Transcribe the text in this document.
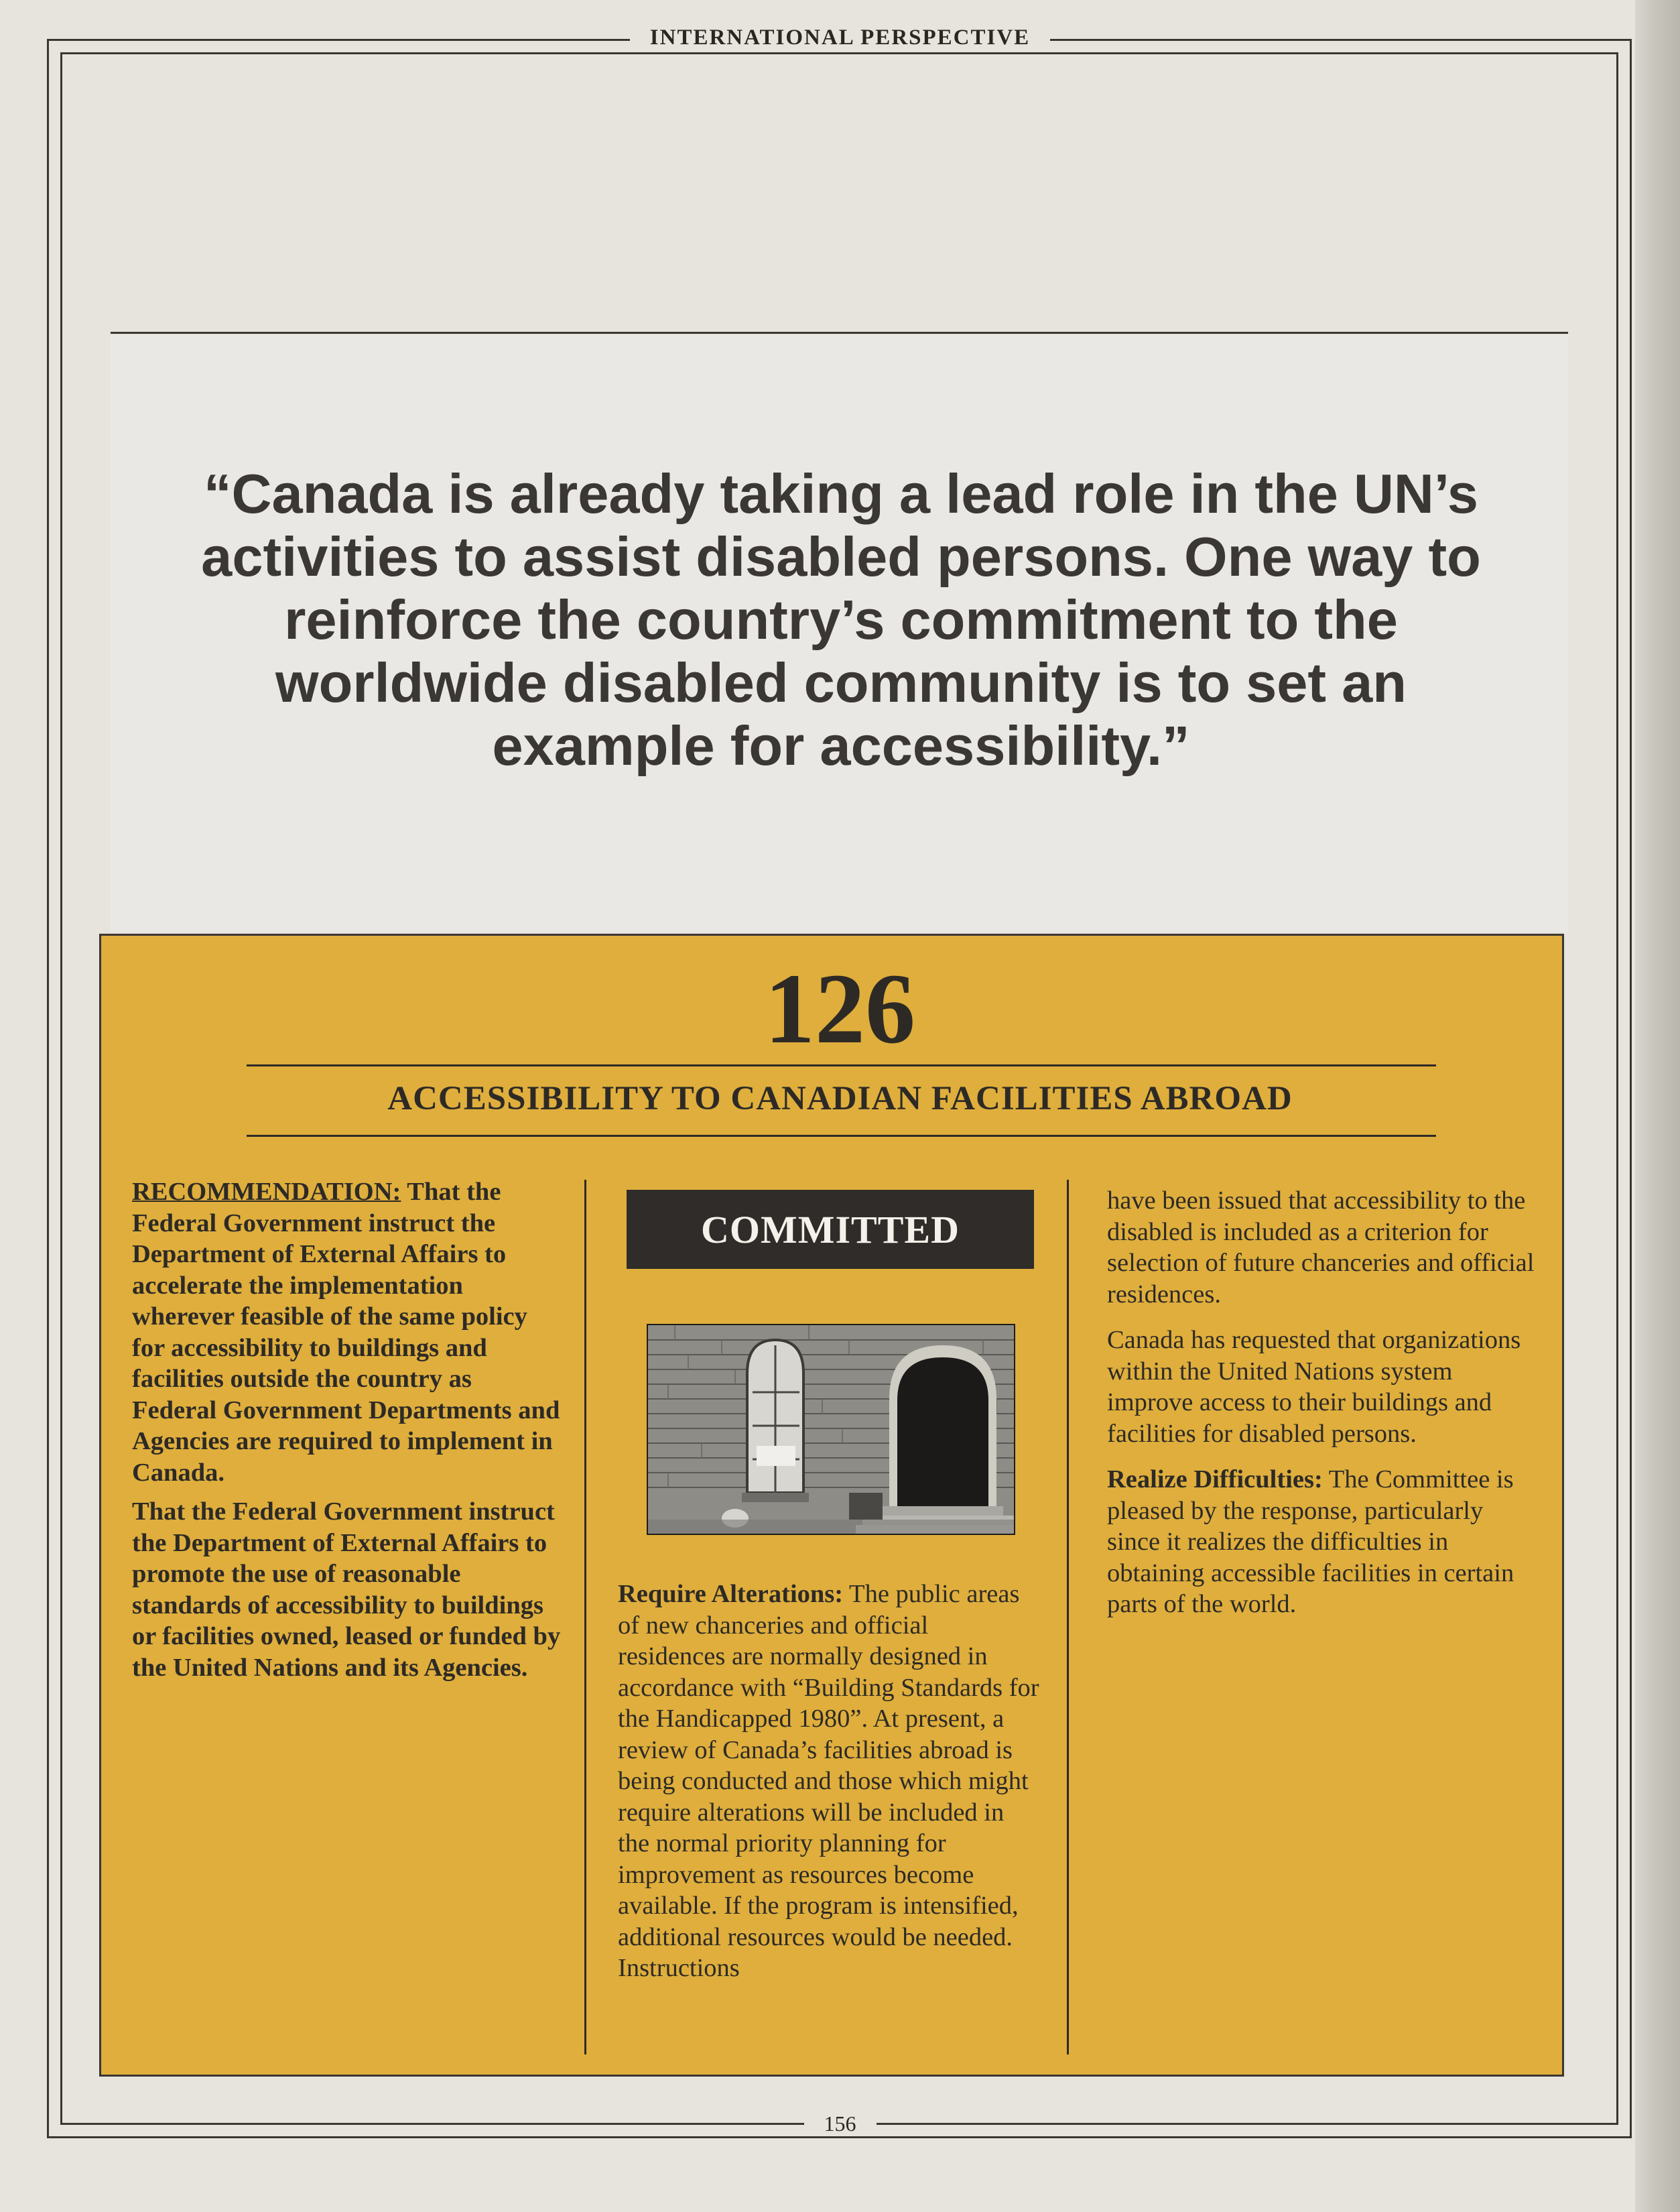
INTERNATIONAL PERSPECTIVE
“Canada is already taking a lead role in the UN’s activities to assist disabled persons. One way to reinforce the country’s commitment to the worldwide disabled community is to set an example for accessibility.”
126
ACCESSIBILITY TO CANADIAN FACILITIES ABROAD

RECOMMENDATION: That the Federal Government instruct the Department of External Affairs to accelerate the implementation wherever feasible of the same policy for accessibility to buildings and facilities outside the country as Federal Government Departments and Agencies are required to implement in Canada.

That the Federal Government instruct the Department of External Affairs to promote the use of reasonable standards of accessibility to buildings or facilities owned, leased or funded by the United Nations and its Agencies.

COMMITTED

Require Alterations: The public areas of new chanceries and official residences are normally designed in accordance with “Building Standards for the Handicapped 1980”. At present, a review of Canada’s facilities abroad is being conducted and those which might require alterations will be included in the normal priority planning for improvement as resources become available. If the program is intensified, additional resources would be needed. Instructions

have been issued that accessibility to the disabled is included as a criterion for selection of future chanceries and official residences.

Canada has requested that organizations within the United Nations system improve access to their buildings and facilities for disabled persons.

Realize Difficulties: The Committee is pleased by the response, particularly since it realizes the difficulties in obtaining accessible facilities in certain parts of the world.

156
